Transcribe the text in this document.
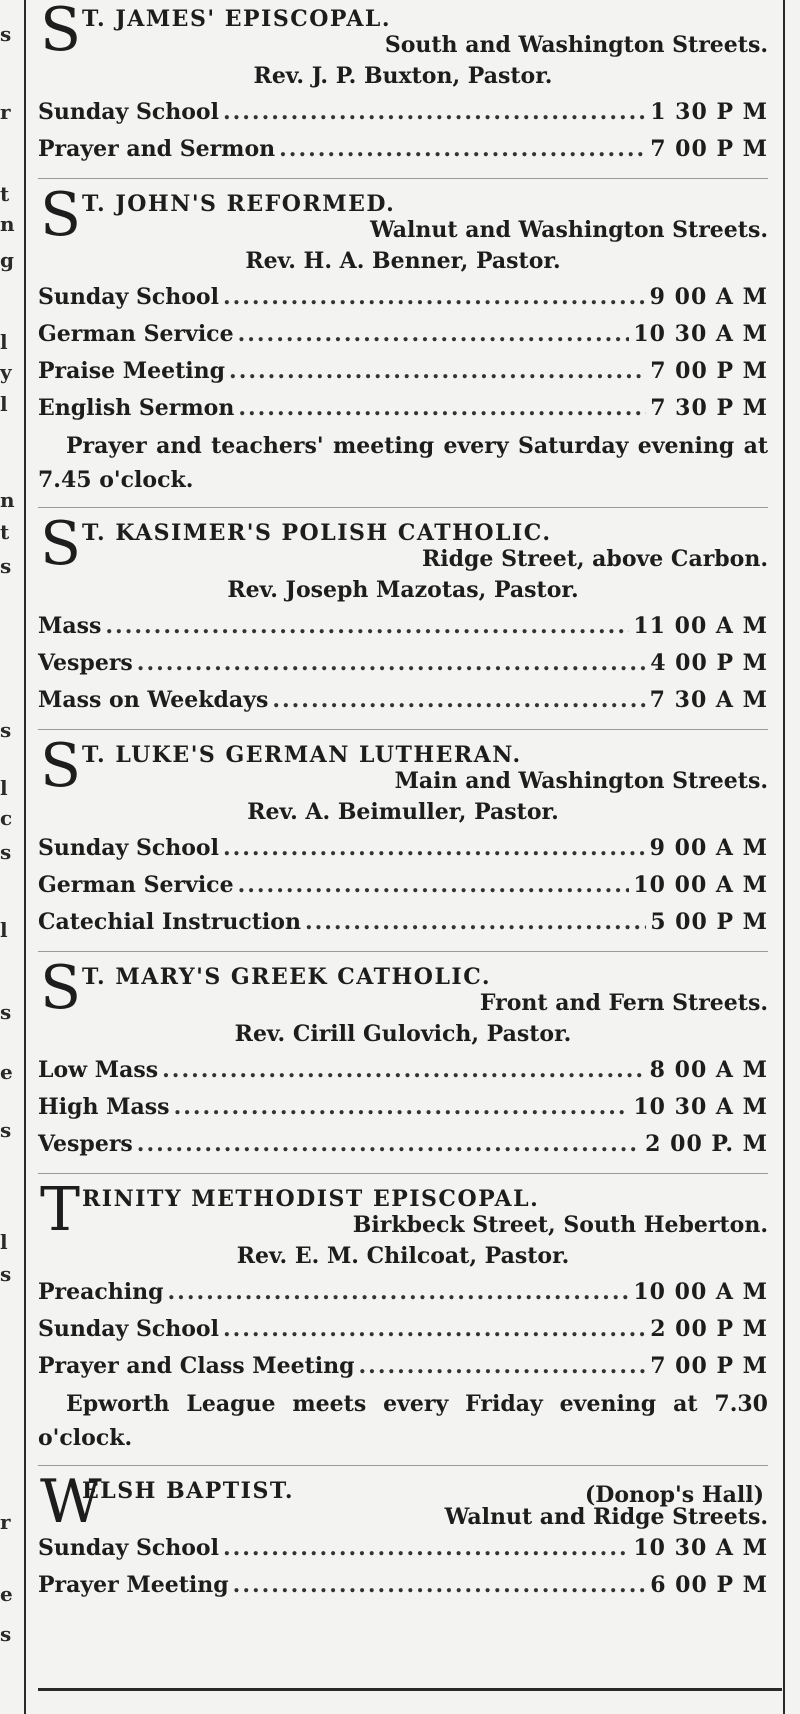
s
r
t
n
g
l
y
l
n
t
s
s
l
c
s
l
s
e
s
l
s
r
e
s
S T. JAMES' EPISCOPAL.
South and Washington Streets.
Rev. J. P. Buxton, Pastor.
Sunday School .....	1 30 P M
Prayer and Sermon .....	7 00 P M
S T. JOHN'S REFORMED.
Walnut and Washington Streets.
Rev. H. A. Benner, Pastor.
Sunday School .....	9 00 A M
German Service .....	10 30 A M
Praise Meeting .....	7 00 P M
English Sermon .....	7 30 P M
Prayer and teachers' meeting every Saturday evening at 7.45 o'clock.
S T. KASIMER'S POLISH CATHOLIC.
Ridge Street, above Carbon.
Rev. Joseph Mazotas, Pastor.
Mass .....	11 00 A M
Vespers .....	4 00 P M
Mass on Weekdays .....	7 30 A M
S T. LUKE'S GERMAN LUTHERAN.
Main and Washington Streets.
Rev. A. Beimuller, Pastor.
Sunday School .....	9 00 A M
German Service .....	10 00 A M
Catechial Instruction .....	5 00 P M
S T. MARY'S GREEK CATHOLIC.
Front and Fern Streets.
Rev. Cirill Gulovich, Pastor.
Low Mass .....	8 00 A M
High Mass .....	10 30 A M
Vespers .....	2 00 P. M
T RINITY METHODIST EPISCOPAL.
Birkbeck Street, South Heberton.
Rev. E. M. Chilcoat, Pastor.
Preaching .....	10 00 A M
Sunday School .....	2 00 P M
Prayer and Class Meeting .....	7 00 P M
Epworth League meets every Friday evening at 7.30 o'clock.
W
ELSH BAPTIST.	(Donop's Hall)
Walnut and Ridge Streets.
Sunday School .....	10 30 A M
Prayer Meeting .....	6 00 P M
